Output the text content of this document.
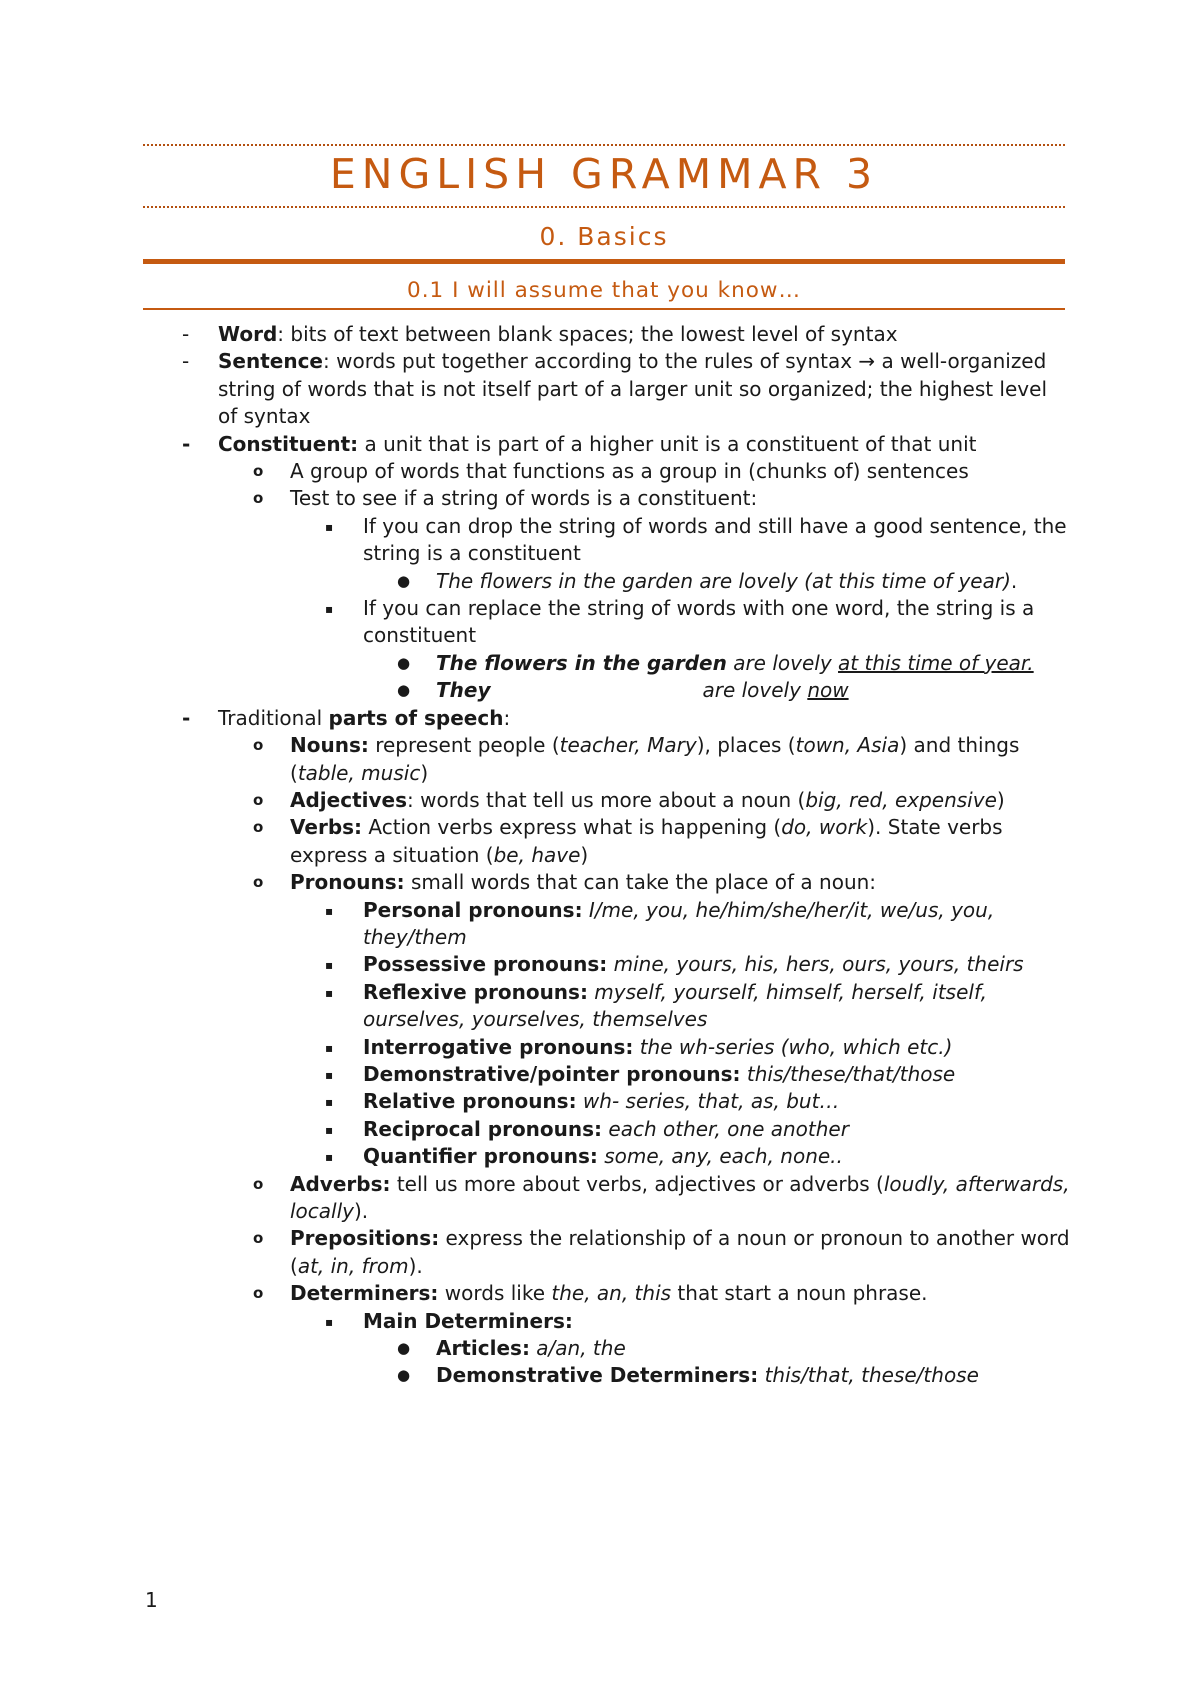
ENGLISH GRAMMAR 3
0. Basics
0.1 I will assume that you know…
- Word: bits of text between blank spaces; the lowest level of syntax
- Sentence: words put together according to the rules of syntax → a well-organized string of words that is not itself part of a larger unit so organized; the highest level of syntax
- Constituent: a unit that is part of a higher unit is a constituent of that unit
o A group of words that functions as a group in (chunks of) sentences
o Test to see if a string of words is a constituent:
▪ If you can drop the string of words and still have a good sentence, the string is a constituent
● The flowers in the garden are lovely (at this time of year).
▪ If you can replace the string of words with one word, the string is a constituent
● The flowers in the garden are lovely at this time of year.
● They	are lovely now
- Traditional parts of speech:
o Nouns: represent people (teacher, Mary), places (town, Asia) and things (table, music)
o Adjectives: words that tell us more about a noun (big, red, expensive)
o Verbs: Action verbs express what is happening (do, work). State verbs express a situation (be, have)
o Pronouns: small words that can take the place of a noun:
▪ Personal pronouns: I/me, you, he/him/she/her/it, we/us, you, they/them
▪ Possessive pronouns: mine, yours, his, hers, ours, yours, theirs
▪ Reflexive pronouns: myself, yourself, himself, herself, itself, ourselves, yourselves, themselves
▪ Interrogative pronouns: the wh-series (who, which etc.)
▪ Demonstrative/pointer pronouns: this/these/that/those
▪ Relative pronouns: wh- series, that, as, but…
▪ Reciprocal pronouns: each other, one another
▪ Quantifier pronouns: some, any, each, none..
o Adverbs: tell us more about verbs, adjectives or adverbs (loudly, afterwards, locally).
o Prepositions: express the relationship of a noun or pronoun to another word (at, in, from).
o Determiners: words like the, an, this that start a noun phrase.
▪ Main Determiners:
● Articles: a/an, the
● Demonstrative Determiners: this/that, these/those
1
